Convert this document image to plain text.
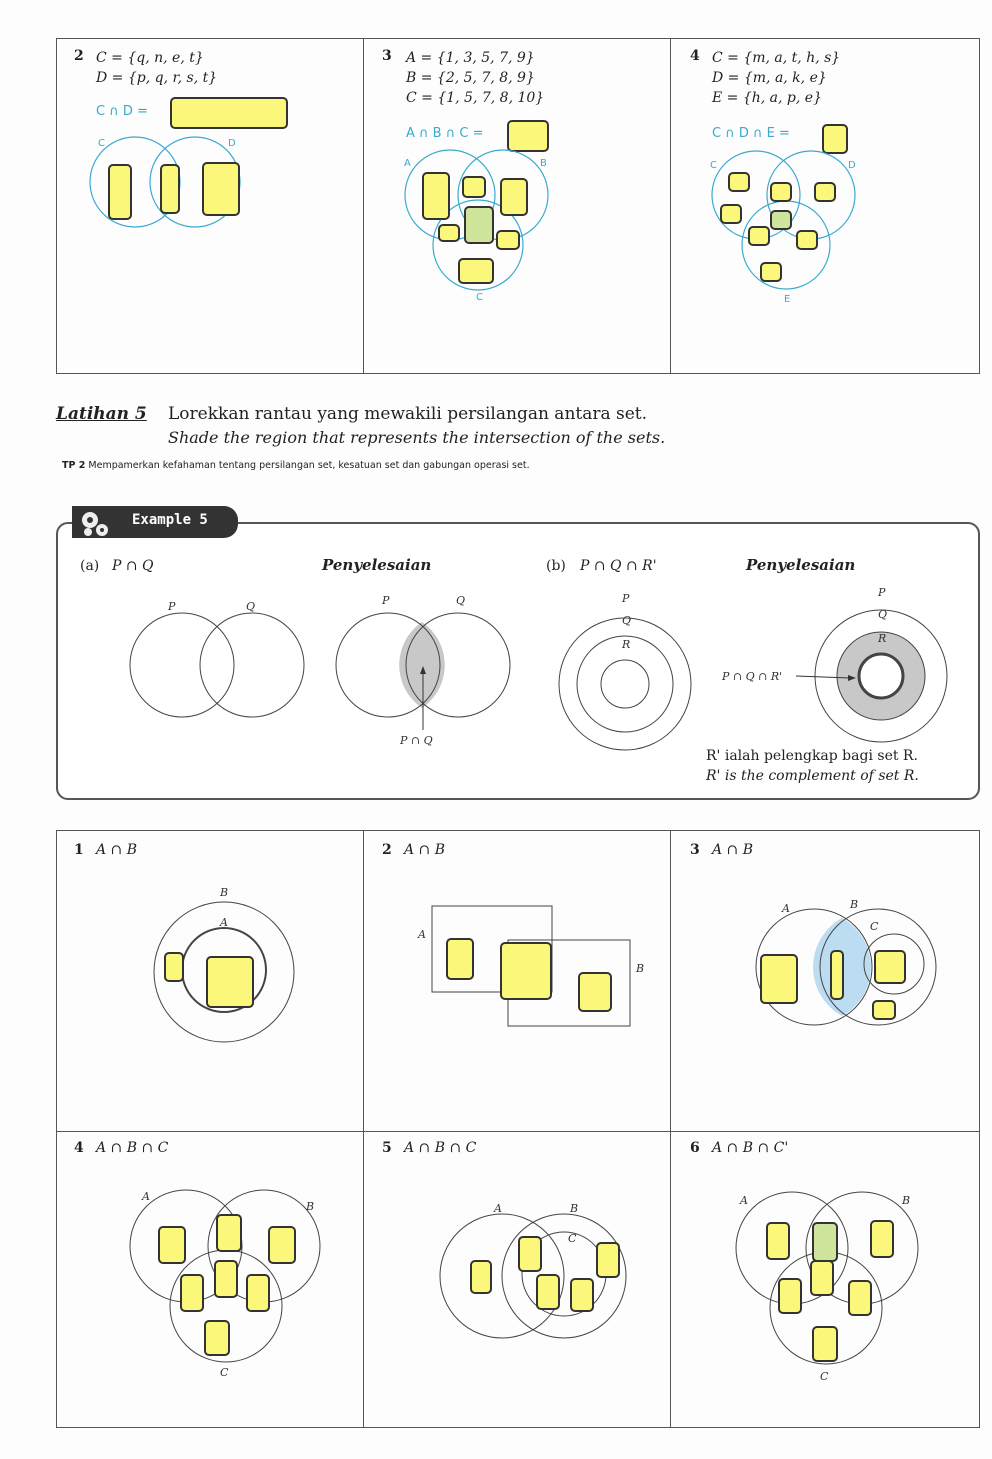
2 C = {q, n, e, t}
D = {p, q, r, s, t}
C ∩ D =
C	D
3 A = {1, 3, 5, 7, 9}
B = {2, 5, 7, 8, 9}
C = {1, 5, 7, 8, 10}
A ∩ B ∩ C =
A	B
C
4 C = {m, a, t, h, s}
D = {m, a, k, e}
E = {h, a, p, e}
C ∩ D ∩ E =
C	D
E
Latihan 5 Lorekkan rantau yang mewakili persilangan antara set.
Shade the region that represents the intersection of the sets.
TP 2 Mempamerkan kefahaman tentang persilangan set, kesatuan set dan gabungan operasi set.
Example 5
(a) P ∩ Q	Penyelesaian	(b) P ∩ Q ∩ R'	Penyelesaian
P	Q	P	Q
P ∩ Q
P
Q
R
P
Q
R
P ∩ Q ∩ R'
R' ialah pelengkap bagi set R.
R' is the complement of set R.
1 A ∩ B
B
A
2 A ∩ B
A
B
3 A ∩ B
A	B
C
4 A ∩ B ∩ C
A
B
C
5 A ∩ B ∩ C
A	B
C
6 A ∩ B ∩ C'
A	B
C
